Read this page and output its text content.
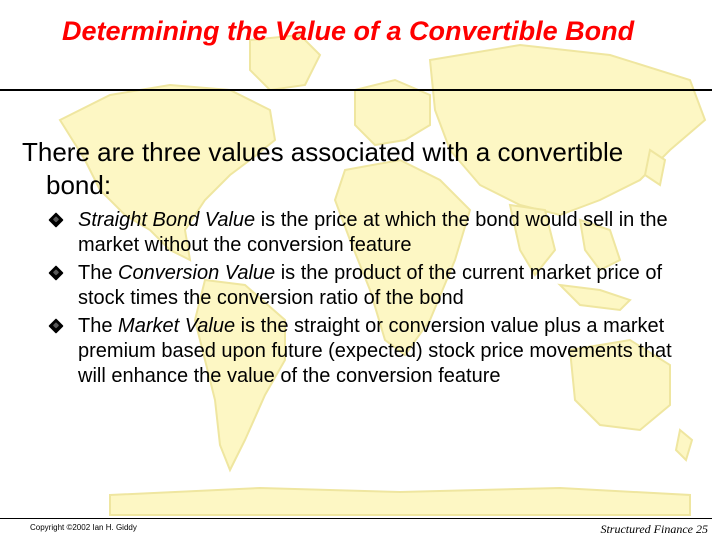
Determining the Value of a Convertible Bond

There are three values associated with a convertible bond:

Straight Bond Value is the price at which the bond would sell in the market without the conversion feature
The Conversion Value is the product of the current market price of stock times the conversion ratio of the bond
The Market Value is the straight or conversion value plus a market premium based upon future (expected) stock price movements that will enhance the value of the conversion feature
Copyright ©2002 Ian H. Giddy	Structured Finance 25
